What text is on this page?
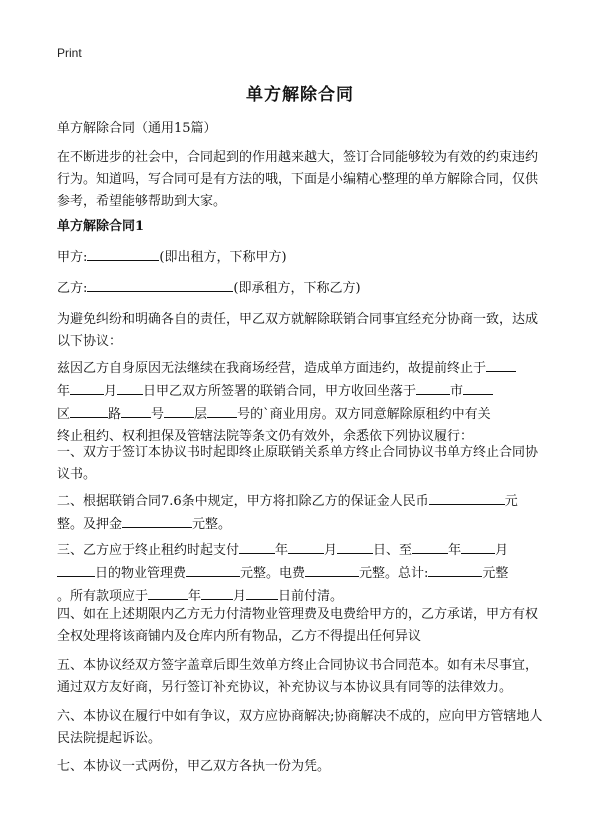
Print
单方解除合同

单方解除合同（通用15篇）

在不断进步的社会中，合同起到的作用越来越大，签订合同能够较为有效的约束违约行为。知道吗，写合同可是有方法的哦，下面是小编精心整理的单方解除合同，仅供参考，希望能够帮助到大家。

单方解除合同1

甲方:	(即出租方，下称甲方)

乙方:	(即承租方，下称乙方)

为避免纠纷和明确各自的责任，甲乙双方就解除联销合同事宜经充分协商一致，达成以下协议：

兹因乙方自身原因无法继续在我商场经营，造成单方面违约，故提前终止于
年	月 日甲乙双方所签署的联销合同，甲方收回坐落于	市
区	路 号 层 号的`商业用房。双方同意解除原租约中有关
终止租约、权利担保及管辖法院等条文仍有效外，余悉依下列协议履行：

一、双方于签订本协议书时起即终止原联销关系单方终止合同协议书单方终止合同协议书。

二、根据联销合同7.6条中规定，甲方将扣除乙方的保证金人民币	元
整。及押金	元整。

三、乙方应于终止租约时起支付	年	月	日、至	年	月
日的物业管理费	元整。电费	元整。总计:	元整
。所有款项应于	年 月 日前付清。

四、如在上述期限内乙方无力付清物业管理费及电费给甲方的，乙方承诺，甲方有权全权处理将该商铺内及仓库内所有物品，乙方不得提出任何异议

五、本协议经双方签字盖章后即生效单方终止合同协议书合同范本。如有未尽事宜，通过双方友好商，另行签订补充协议，补充协议与本协议具有同等的法律效力。

六、本协议在履行中如有争议，双方应协商解决;协商解决不成的，应向甲方管辖地人民法院提起诉讼。

七、本协议一式两份，甲乙双方各执一份为凭。
